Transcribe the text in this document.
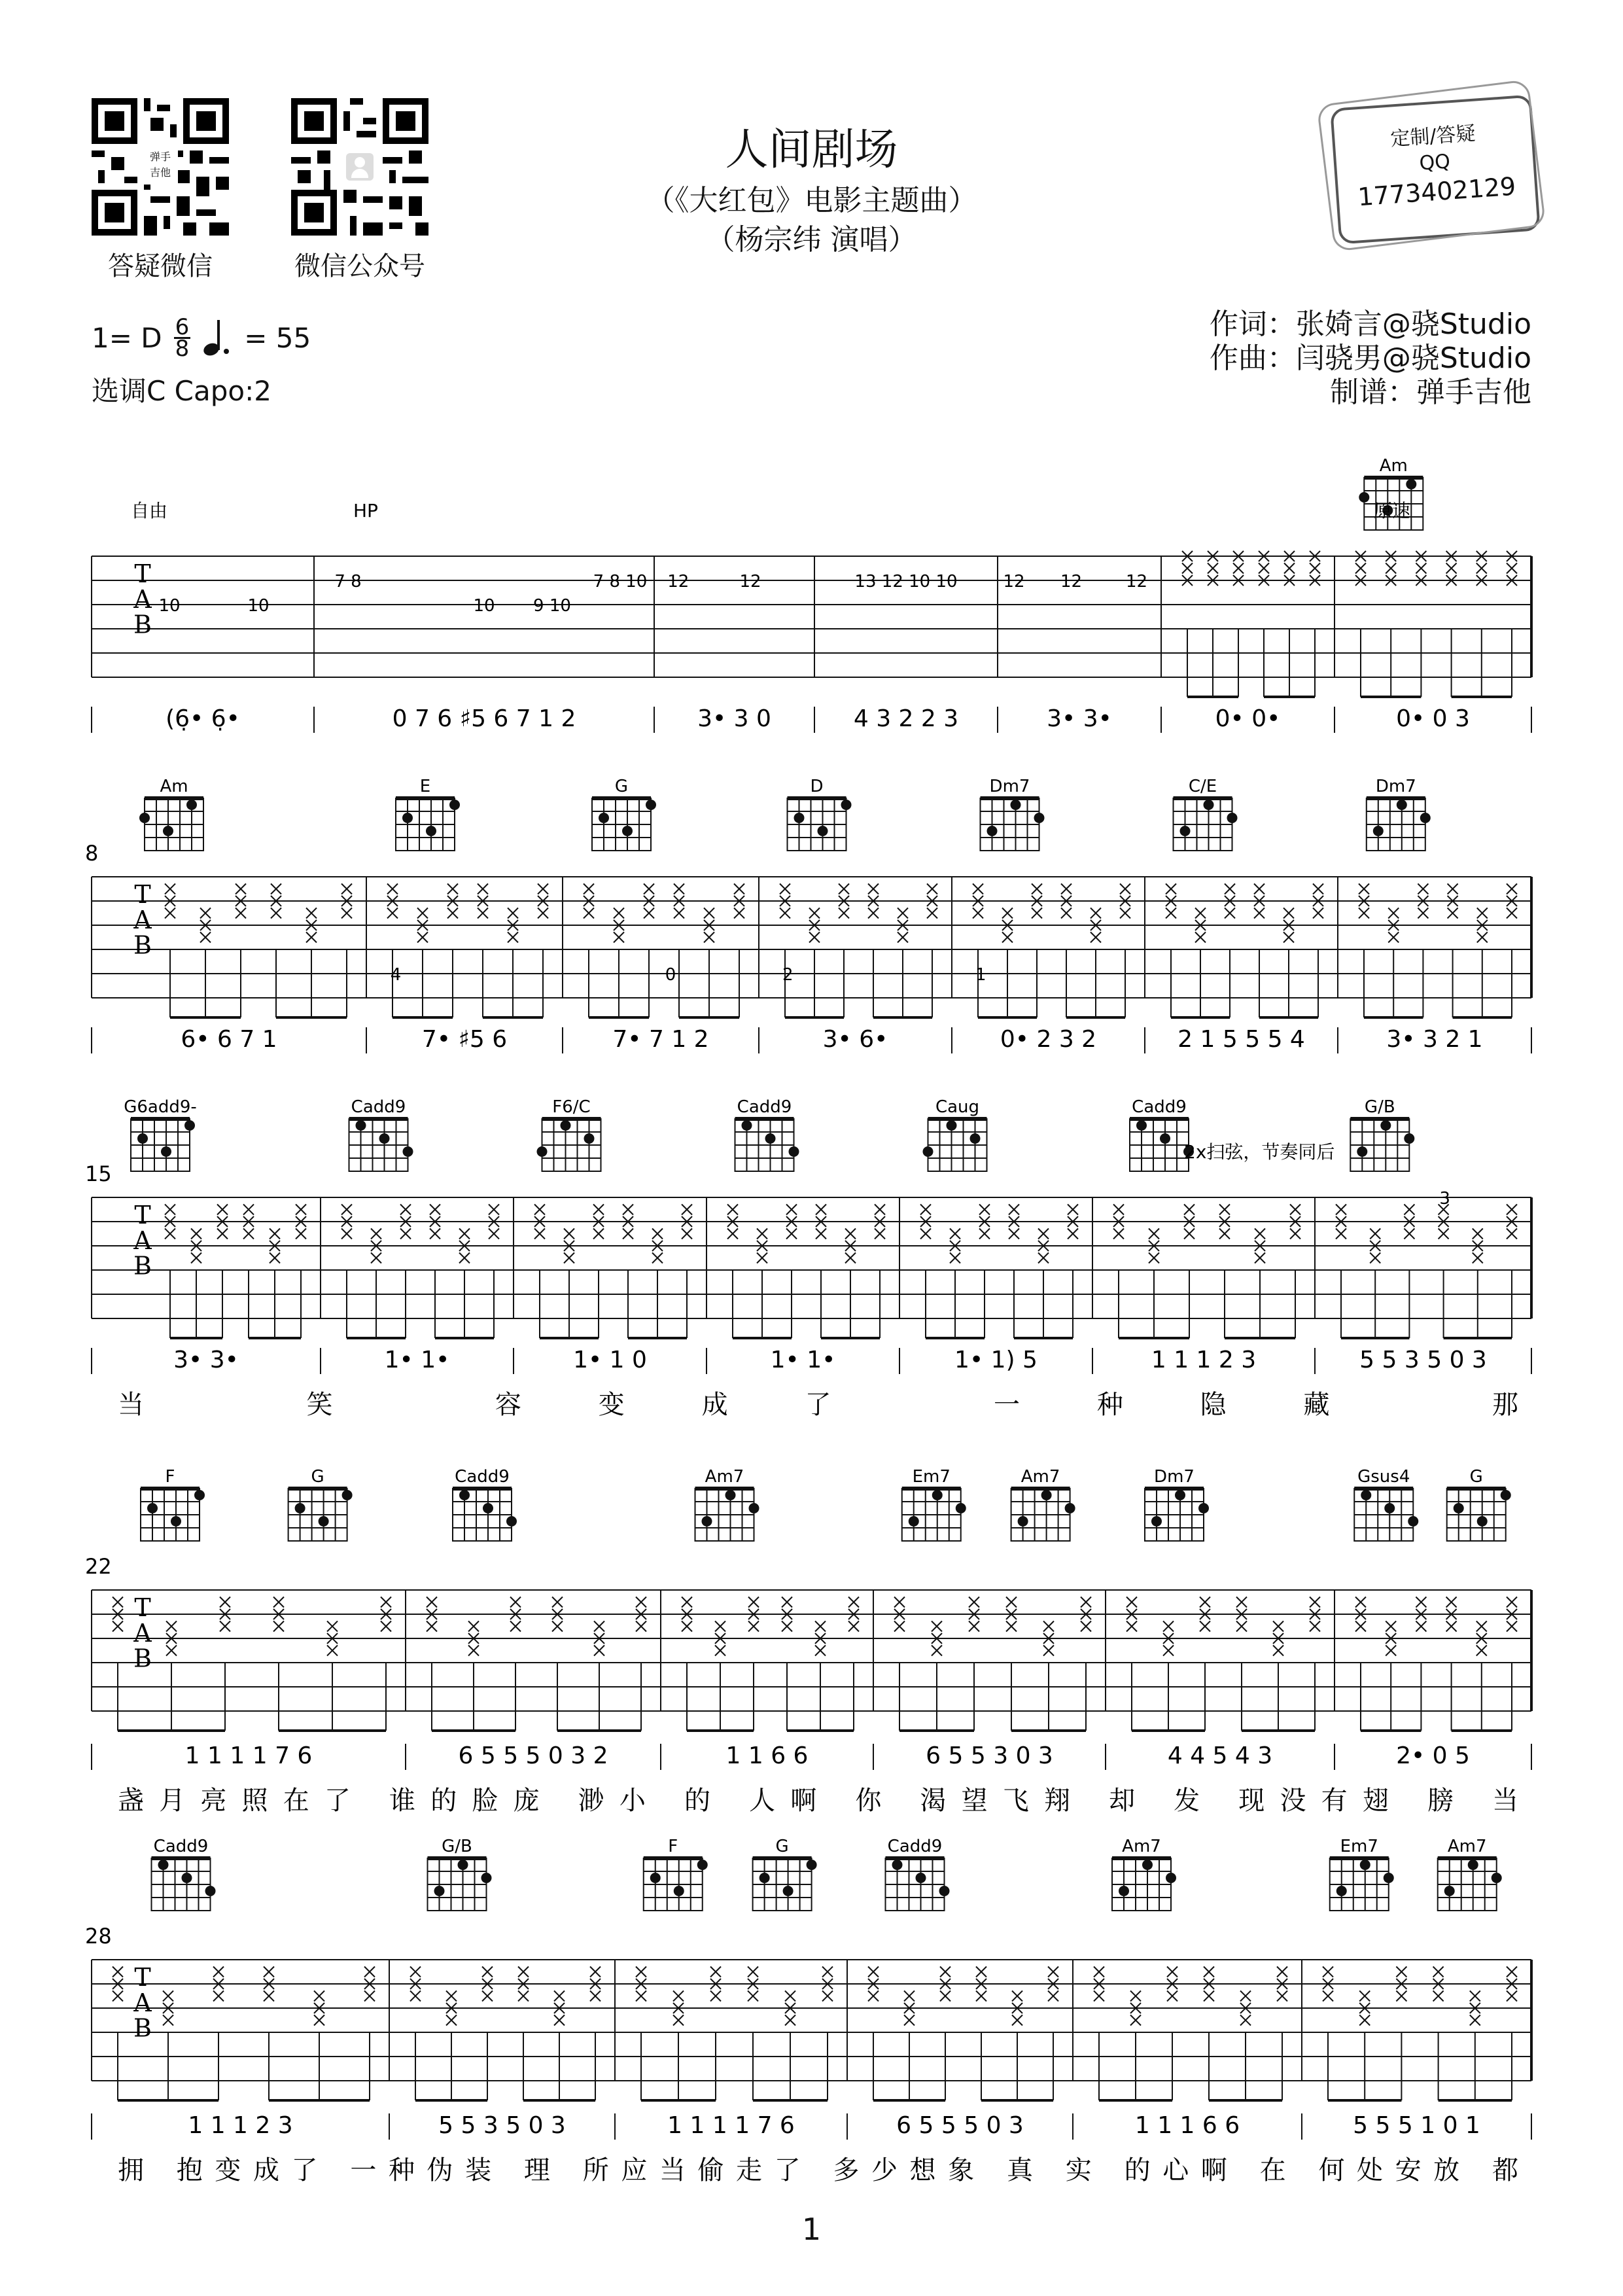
弹手
吉他
答疑微信	微信公众号
人间剧场
（《大红包》电影主题曲）
（杨宗纬 演唱）
定制/答疑
QQ
1773402129
1= D $\frac{6}{8} = 55$
选调C Capo:2
作词：张婍言@骁Studio
作曲：闫骁男@骁Studio
制谱：弹手吉他
T
A
B
Am
自由	HP	原速
10	10
7 8
10 9 10
7 8 10 12	12	13 12 10 10	12 12	12
(6̣• 6̣•	0 7 6 ♯5 6 7 1 2	3• 3 0	4 3 2 2 3	3• 3•	0• 0•	0• 0 3
8
T
A
B
Am	E	G	D	Dm7	C/E	Dm7
4	0	2	1
6• 6 7 1	7• ♯5 6	7• 7 1 2	3• 6•	0• 2 3 2	2 1 5 5 5 4	3• 3 2 1
15
T
A
B
G6add9-	Cadd9	F6/C	Cadd9	Caug	Cadd9	G/B
2x扫弦，节奏同后
3
3• 3•	1• 1•	1• 1 0	1• 1•	1• 1) 5	1 1 1 2 3	5 5 3 5 0 3
当 笑 容变成了 一种隐藏 那
22
T
A
B
F	G	Cadd9	Am7	Em7	Am7	Dm7	Gsus4	G
1 1 1 1 7 6	6 5 5 5 0 3 2	1 1 6 6	6 5 5 3 0 3	4 4 5 4 3	2• 0 5
盏月亮照在了 谁的脸庞 渺小 的 人啊 你 渴望飞翔 却 发 现没有翅 膀 当
28
T
A
B
Cadd9	G/B	F	G	Cadd9	Am7	Em7	Am7
1 1 1 2 3	5 5 3 5 0 3	1 1 1 1 7 6	6 5 5 5 0 3	1 1 1 6 6	5 5 5 1 0 1
拥 抱变成了 一种伪装 理 所应当偷走了 多少想象 真 实 的心啊 在 何处安放 都
1
